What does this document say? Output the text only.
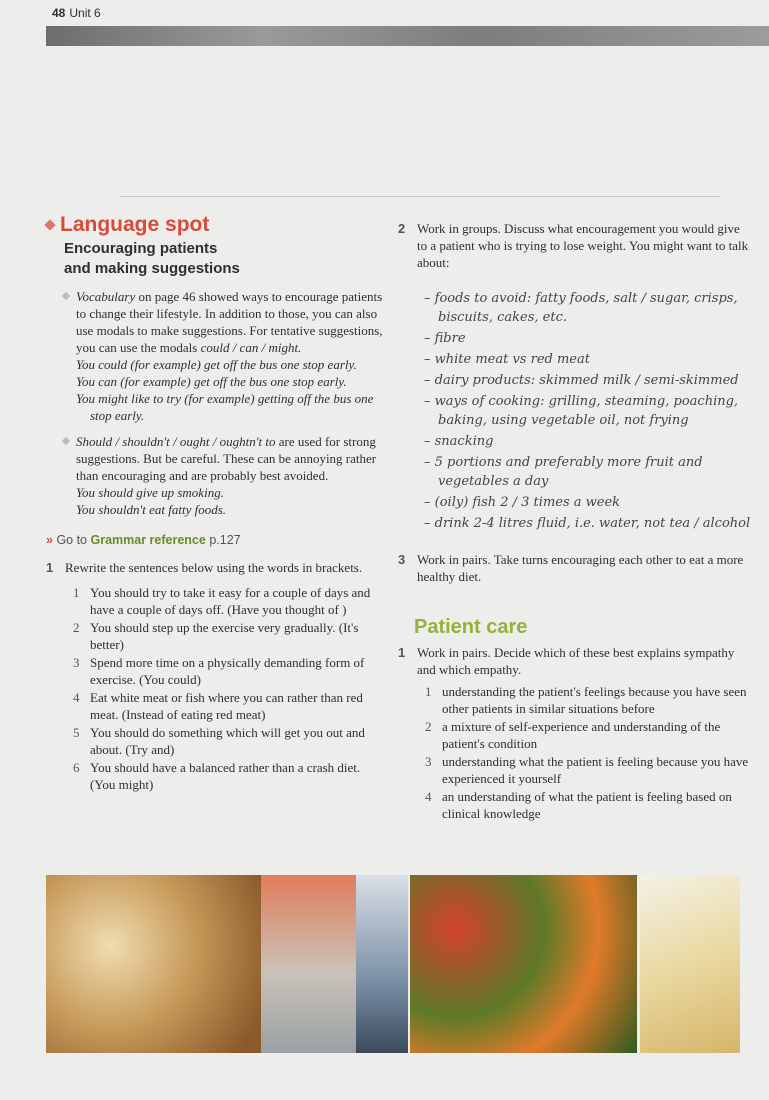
48 Unit 6
Language spot
Encouraging patients
and making suggestions
Vocabulary on page 46 showed ways to encourage patients to change their lifestyle. In addition to those, you can also use modals to make suggestions. For tentative suggestions, you can use the modals could / can / might.
You could (for example) get off the bus one stop early.
You can (for example) get off the bus one stop early.
You might like to try (for example) getting off the bus one stop early.
Should / shouldn't / ought / oughtn't to are used for strong suggestions. But be careful. These can be annoying rather than encouraging and are probably best avoided.
You should give up smoking.
You shouldn't eat fatty foods.
» Go to Grammar reference p.127
1 Rewrite the sentences below using the words in brackets.
1 You should try to take it easy for a couple of days and have a couple of days off. (Have you thought of )
2 You should step up the exercise very gradually. (It's better)
3 Spend more time on a physically demanding form of exercise. (You could)
4 Eat white meat or fish where you can rather than red meat. (Instead of eating red meat)
5 You should do something which will get you out and about. (Try and)
6 You should have a balanced rather than a crash diet. (You might)
2 Work in groups. Discuss what encouragement you would give to a patient who is trying to lose weight. You might want to talk about:
– foods to avoid: fatty foods, salt / sugar, crisps, biscuits, cakes, etc.
– fibre
– white meat vs red meat
– dairy products: skimmed milk / semi-skimmed
– ways of cooking: grilling, steaming, poaching, baking, using vegetable oil, not frying
– snacking
– 5 portions and preferably more fruit and vegetables a day
– (oily) fish 2 / 3 times a week
– drink 2-4 litres fluid, i.e. water, not tea / alcohol
3 Work in pairs. Take turns encouraging each other to eat a more healthy diet.
Patient care
1 Work in pairs. Decide which of these best explains sympathy and which empathy.
1 understanding the patient's feelings because you have seen other patients in similar situations before
2 a mixture of self-experience and understanding of the patient's condition
3 understanding what the patient is feeling because you have experienced it yourself
4 an understanding of what the patient is feeling based on clinical knowledge
